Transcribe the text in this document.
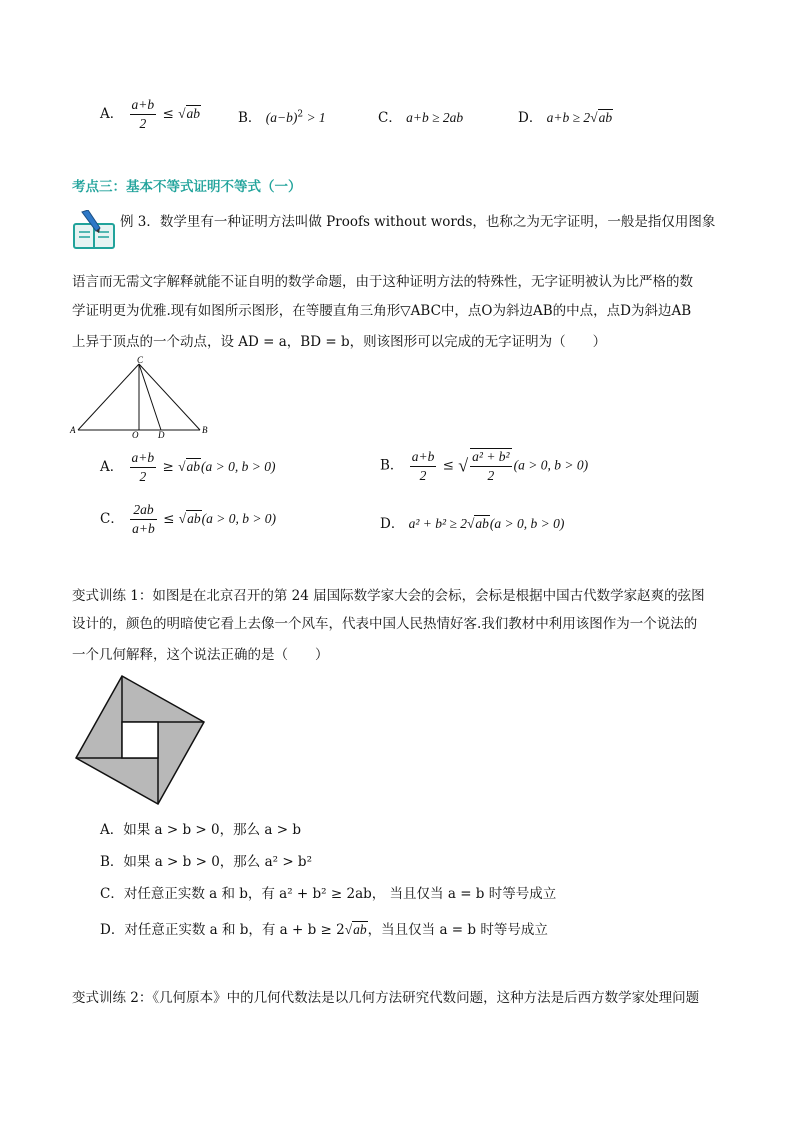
A． $\frac{a+b}{2} \le √ab$	B． $(a-b)^2 > 1$	C． a+b ≥ 2ab	D． a+b ≥ 2√ab
考点三：基本不等式证明不等式（一）
例 3．数学里有一种证明方法叫做 Proofs without words，也称之为无字证明，一般是指仅用图象
语言而无需文字解释就能不证自明的数学命题，由于这种证明方法的特殊性，无字证明被认为比严格的数
学证明更为优雅.现有如图所示图形，在等腰直角三角形▽ABC中，点O为斜边AB的中点，点D为斜边AB
上异于顶点的一个动点，设 AD = a，BD = b，则该图形可以完成的无字证明为（　　）
A	B
C
O D
A． $\frac{a+b}{2} \ge √ab(a > 0$, b > 0)	B． $\frac{a+b}{2}$ ≤ √ $\frac{\text{a² + b²}}{2} (a > 0$, b > 0)
C． $\frac{2ab}{a+b} \le √ab(a > 0$, b > 0)	D． a² + b² ≥ 2√ab(a > 0, b > 0)
变式训练 1：如图是在北京召开的第 24 届国际数学家大会的会标，会标是根据中国古代数学家赵爽的弦图
设计的，颜色的明暗使它看上去像一个风车，代表中国人民热情好客.我们教材中利用该图作为一个说法的
一个几何解释，这个说法正确的是（　　）
A．如果 a > b > 0，那么 a > b
B．如果 a > b > 0，那么 a² > b²
C．对任意正实数 a 和 b，有 a² + b² ≥ 2ab， 当且仅当 a = b 时等号成立
D．对任意正实数 a 和 b，有 a + b ≥ 2√ab，当且仅当 a = b 时等号成立
变式训练 2：《几何原本》中的几何代数法是以几何方法研究代数问题，这种方法是后西方数学家处理问题
